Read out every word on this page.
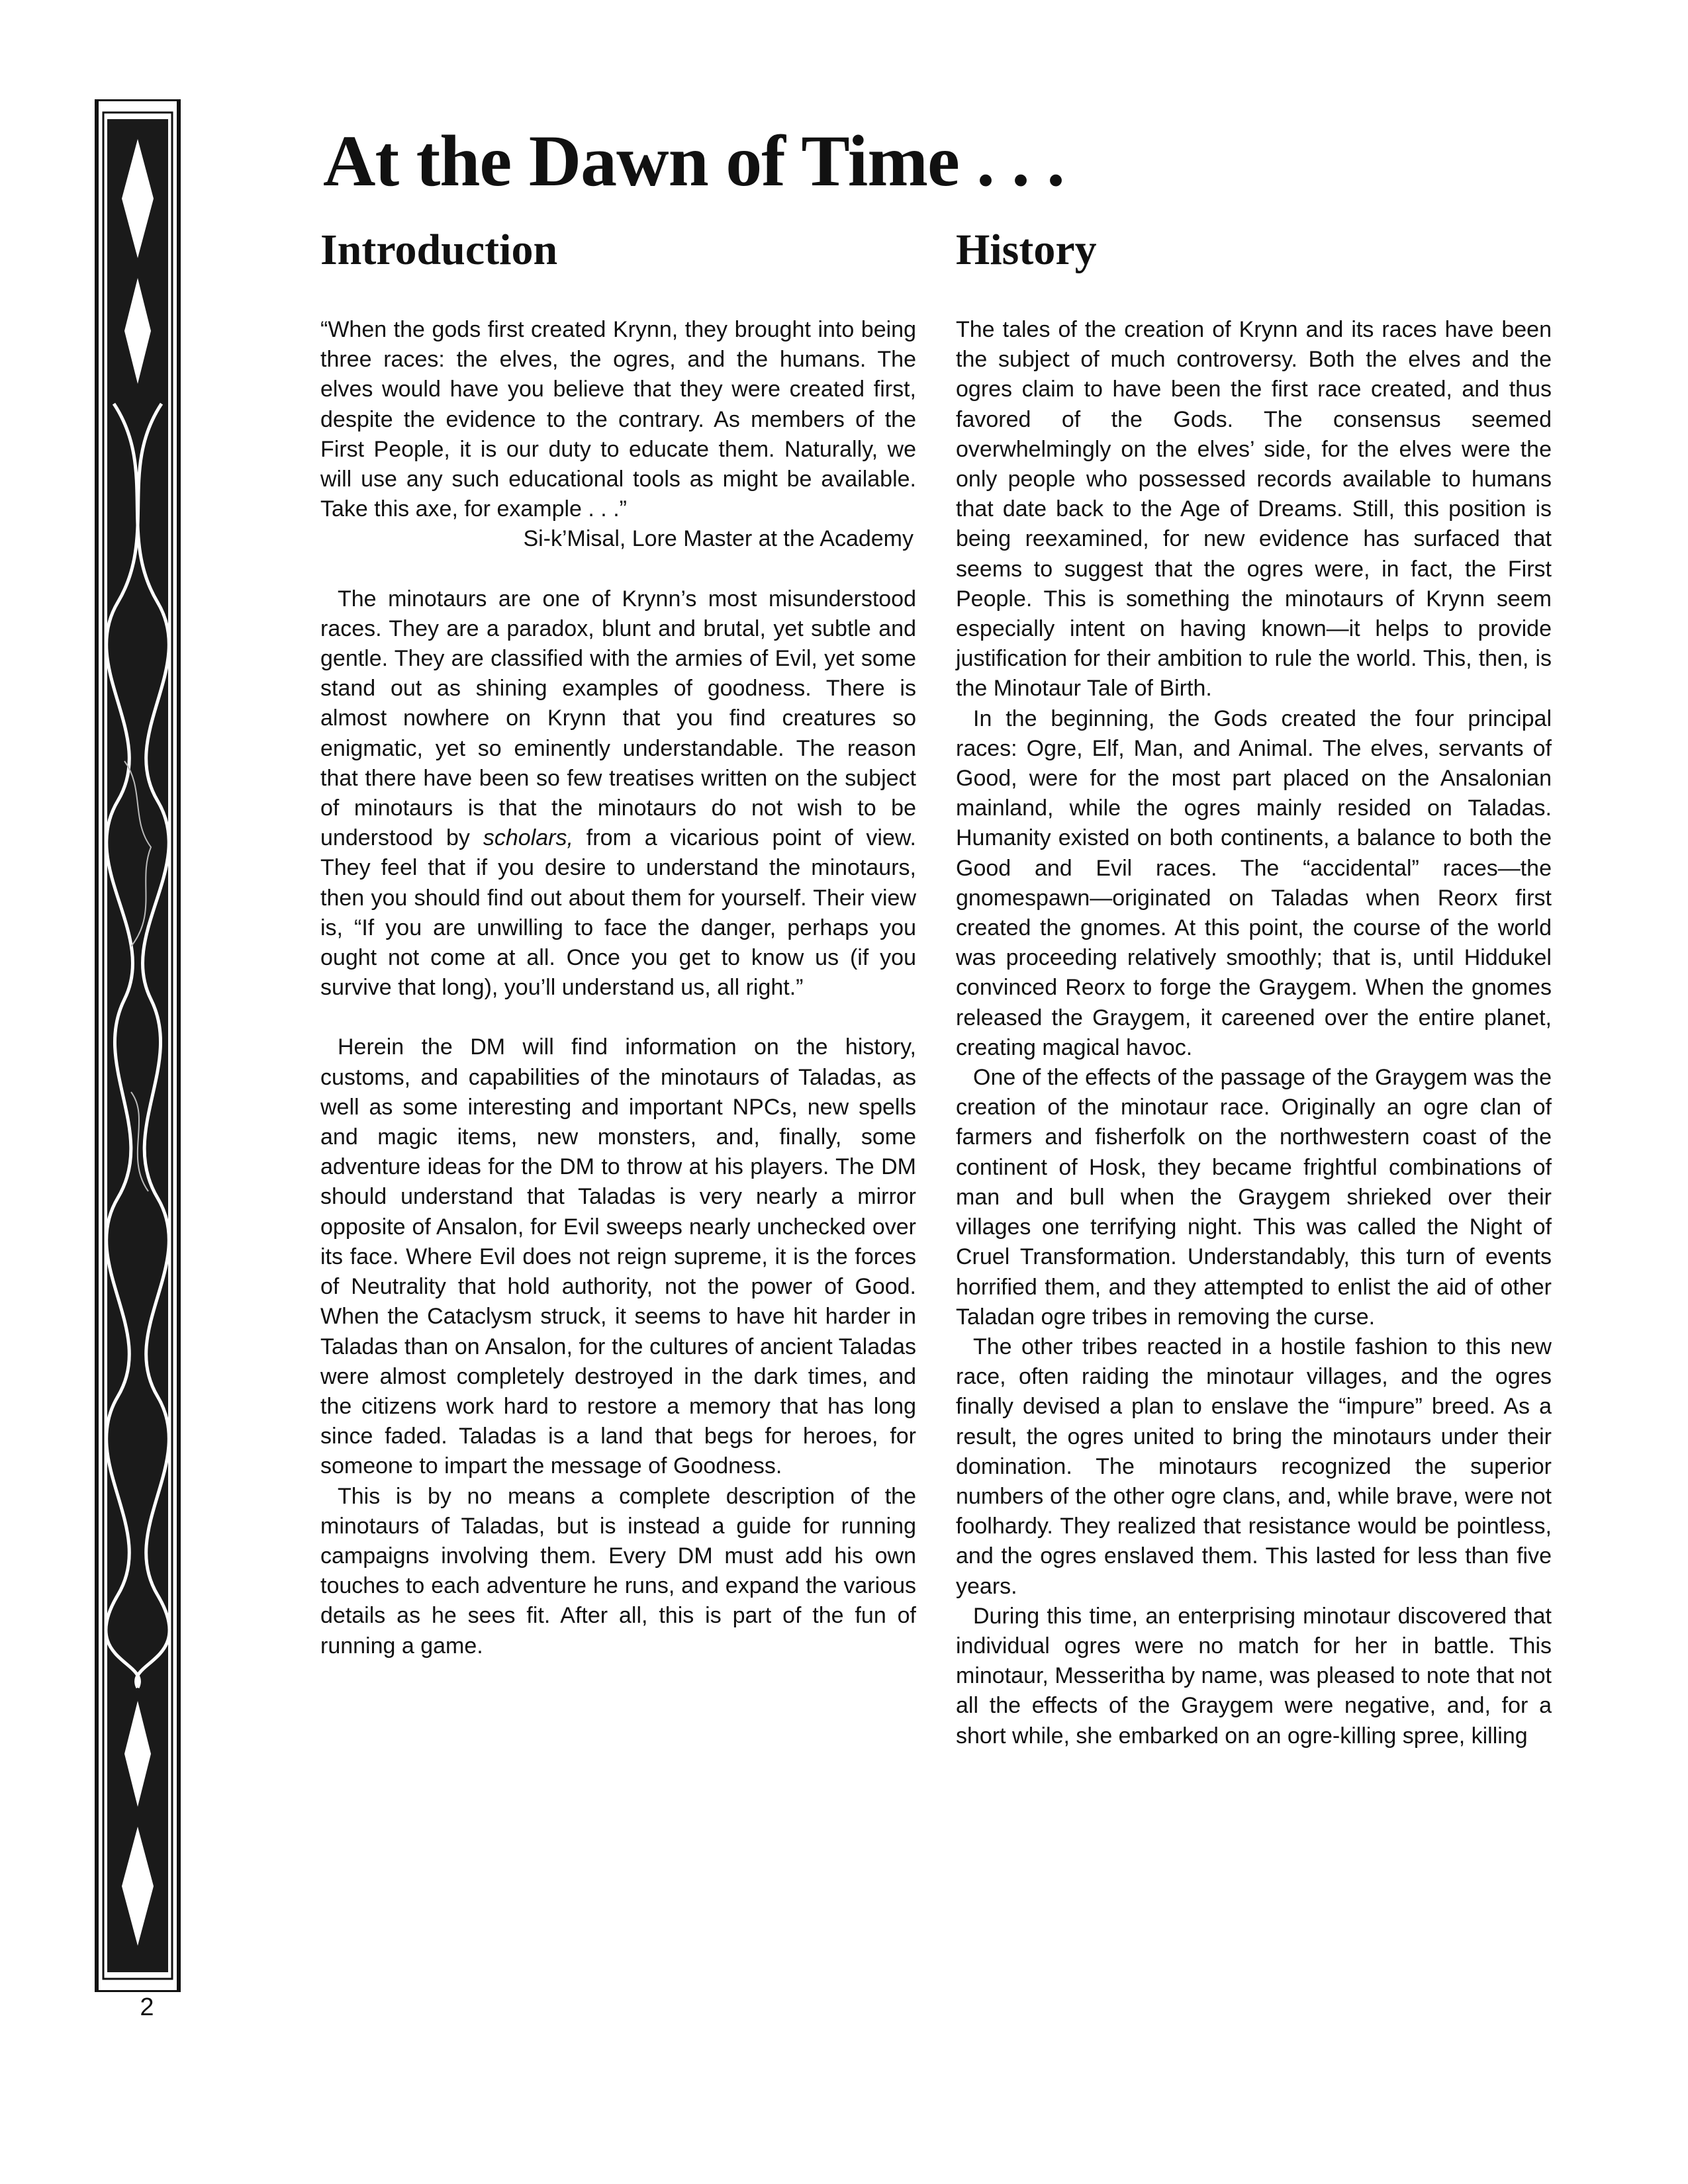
2
At the Dawn of Time . . .
Introduction

“When the gods first created Krynn, they brought into being three races: the elves, the ogres, and the humans. The elves would have you believe that they were created first, despite the evidence to the contrary. As members of the First People, it is our duty to educate them. Naturally, we will use any such educational tools as might be available. Take this axe, for example . . .”

Si-k’Misal, Lore Master at the Academy

The minotaurs are one of Krynn’s most misunderstood races. They are a paradox, blunt and brutal, yet subtle and gentle. They are classified with the armies of Evil, yet some stand out as shining examples of goodness. There is almost nowhere on Krynn that you find creatures so enigmatic, yet so eminently understandable. The reason that there have been so few treatises written on the subject of minotaurs is that the minotaurs do not wish to be understood by scholars, from a vicarious point of view. They feel that if you desire to understand the minotaurs, then you should find out about them for yourself. Their view is, “If you are unwilling to face the danger, perhaps you ought not come at all. Once you get to know us (if you survive that long), you’ll understand us, all right.”

Herein the DM will find information on the history, customs, and capabilities of the minotaurs of Taladas, as well as some interesting and important NPCs, new spells and magic items, new monsters, and, finally, some adventure ideas for the DM to throw at his players. The DM should understand that Taladas is very nearly a mirror opposite of Ansalon, for Evil sweeps nearly unchecked over its face. Where Evil does not reign supreme, it is the forces of Neutrality that hold authority, not the power of Good. When the Cataclysm struck, it seems to have hit harder in Taladas than on Ansalon, for the cultures of ancient Taladas were almost completely destroyed in the dark times, and the citizens work hard to restore a memory that has long since faded. Taladas is a land that begs for heroes, for someone to impart the message of Goodness.

This is by no means a complete description of the minotaurs of Taladas, but is instead a guide for running campaigns involving them. Every DM must add his own touches to each adventure he runs, and expand the various details as he sees fit. After all, this is part of the fun of running a game.

History

The tales of the creation of Krynn and its races have been the subject of much controversy. Both the elves and the ogres claim to have been the first race created, and thus favored of the Gods. The consensus seemed overwhelmingly on the elves’ side, for the elves were the only people who possessed records available to humans that date back to the Age of Dreams. Still, this position is being reexamined, for new evidence has surfaced that seems to suggest that the ogres were, in fact, the First People. This is something the minotaurs of Krynn seem especially intent on having known—it helps to provide justification for their ambition to rule the world. This, then, is the Minotaur Tale of Birth.

In the beginning, the Gods created the four principal races: Ogre, Elf, Man, and Animal. The elves, servants of Good, were for the most part placed on the Ansalonian mainland, while the ogres mainly resided on Taladas. Humanity existed on both continents, a balance to both the Good and Evil races. The “accidental” races—the gnomespawn—originated on Taladas when Reorx first created the gnomes. At this point, the course of the world was proceeding relatively smoothly; that is, until Hiddukel convinced Reorx to forge the Graygem. When the gnomes released the Graygem, it careened over the entire planet, creating magical havoc.

One of the effects of the passage of the Graygem was the creation of the minotaur race. Originally an ogre clan of farmers and fisherfolk on the northwestern coast of the continent of Hosk, they became frightful combinations of man and bull when the Graygem shrieked over their villages one terrifying night. This was called the Night of Cruel Transformation. Understandably, this turn of events horrified them, and they attempted to enlist the aid of other Taladan ogre tribes in removing the curse.

The other tribes reacted in a hostile fashion to this new race, often raiding the minotaur villages, and the ogres finally devised a plan to enslave the “impure” breed. As a result, the ogres united to bring the minotaurs under their domination. The minotaurs recognized the superior numbers of the other ogre clans, and, while brave, were not foolhardy. They realized that resistance would be pointless, and the ogres enslaved them. This lasted for less than five years.

During this time, an enterprising minotaur discovered that individual ogres were no match for her in battle. This minotaur, Messeritha by name, was pleased to note that not all the effects of the Graygem were negative, and, for a short while, she embarked on an ogre-killing spree, killing
